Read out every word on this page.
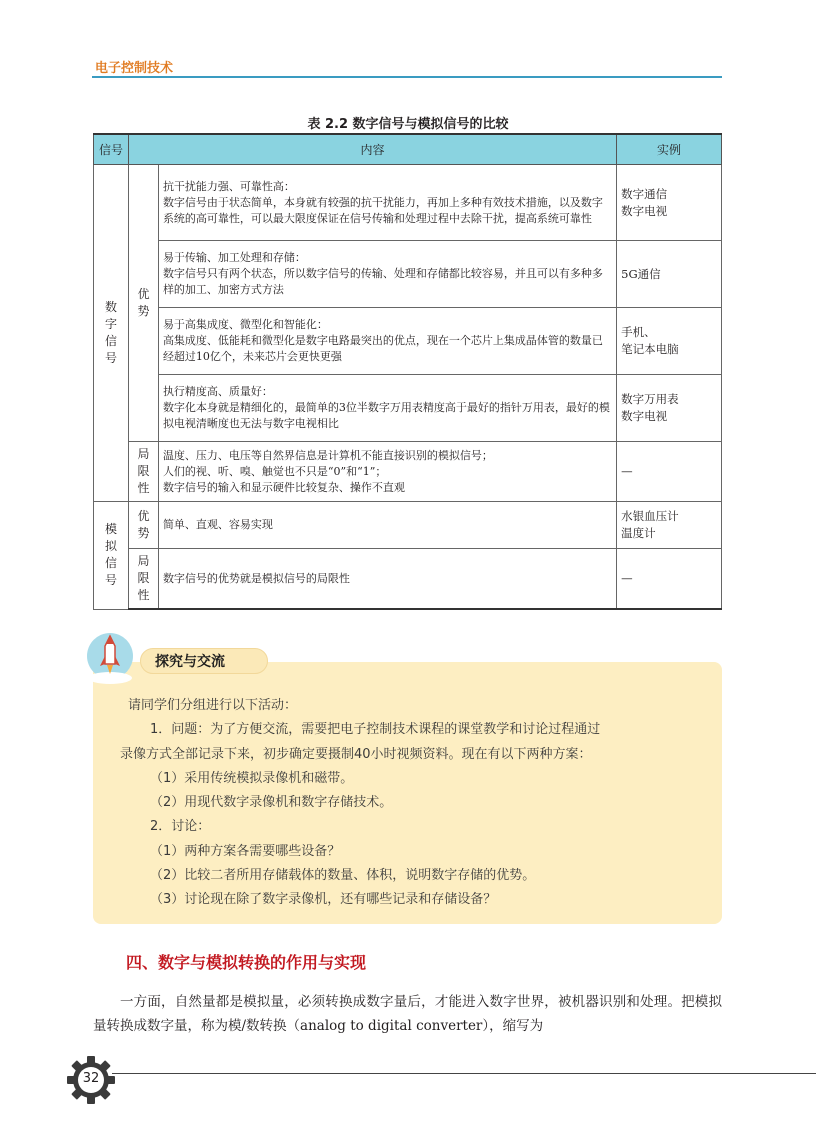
电子控制技术
表 2.2 数字信号与模拟信号的比较
信号	内容		实例
数字信号	优势	抗干扰能力强、可靠性高：
数字信号由于状态简单，本身就有较强的抗干扰能力，再加上多种有效技术措施，以及数字系统的高可靠性，可以最大限度保证在信号传输和处理过程中去除干扰，提高系统可靠性	数字通信
数字电视

		易于传输、加工处理和存储：
数字信号只有两个状态，所以数字信号的传输、处理和存储都比较容易，并且可以有多种多样的加工、加密方式方法	5G通信

		易于高集成度、微型化和智能化：
高集成度、低能耗和微型化是数字电路最突出的优点，现在一个芯片上集成晶体管的数量已经超过10亿个，未来芯片会更快更强	手机、
笔记本电脑

		执行精度高、质量好：
数字化本身就是精细化的，最简单的3位半数字万用表精度高于最好的指针万用表，最好的模拟电视清晰度也无法与数字电视相比	数字万用表
数字电视

	局限性	温度、压力、电压等自然界信息是计算机不能直接识别的模拟信号；
人们的视、听、嗅、触觉也不只是“0”和“1”；
数字信号的输入和显示硬件比较复杂、操作不直观	—

模拟信号	优势	简单、直观、容易实现	水银血压计
温度计

	局限性	数字信号的优势就是模拟信号的局限性	—
探究与交流
请同学们分组进行以下活动：
1．问题：为了方便交流，需要把电子控制技术课程的课堂教学和讨论过程通过
录像方式全部记录下来，初步确定要摄制40小时视频资料。现在有以下两种方案：
（1）采用传统模拟录像机和磁带。
（2）用现代数字录像机和数字存储技术。
2．讨论：
（1）两种方案各需要哪些设备？
（2）比较二者所用存储载体的数量、体积，说明数字存储的优势。
（3）讨论现在除了数字录像机，还有哪些记录和存储设备？
四、数字与模拟转换的作用与实现
一方面，自然量都是模拟量，必须转换成数字量后，才能进入数字世界，被机器识别和处理。把模拟量转换成数字量，称为模/数转换（analog to digital converter），缩写为
32
